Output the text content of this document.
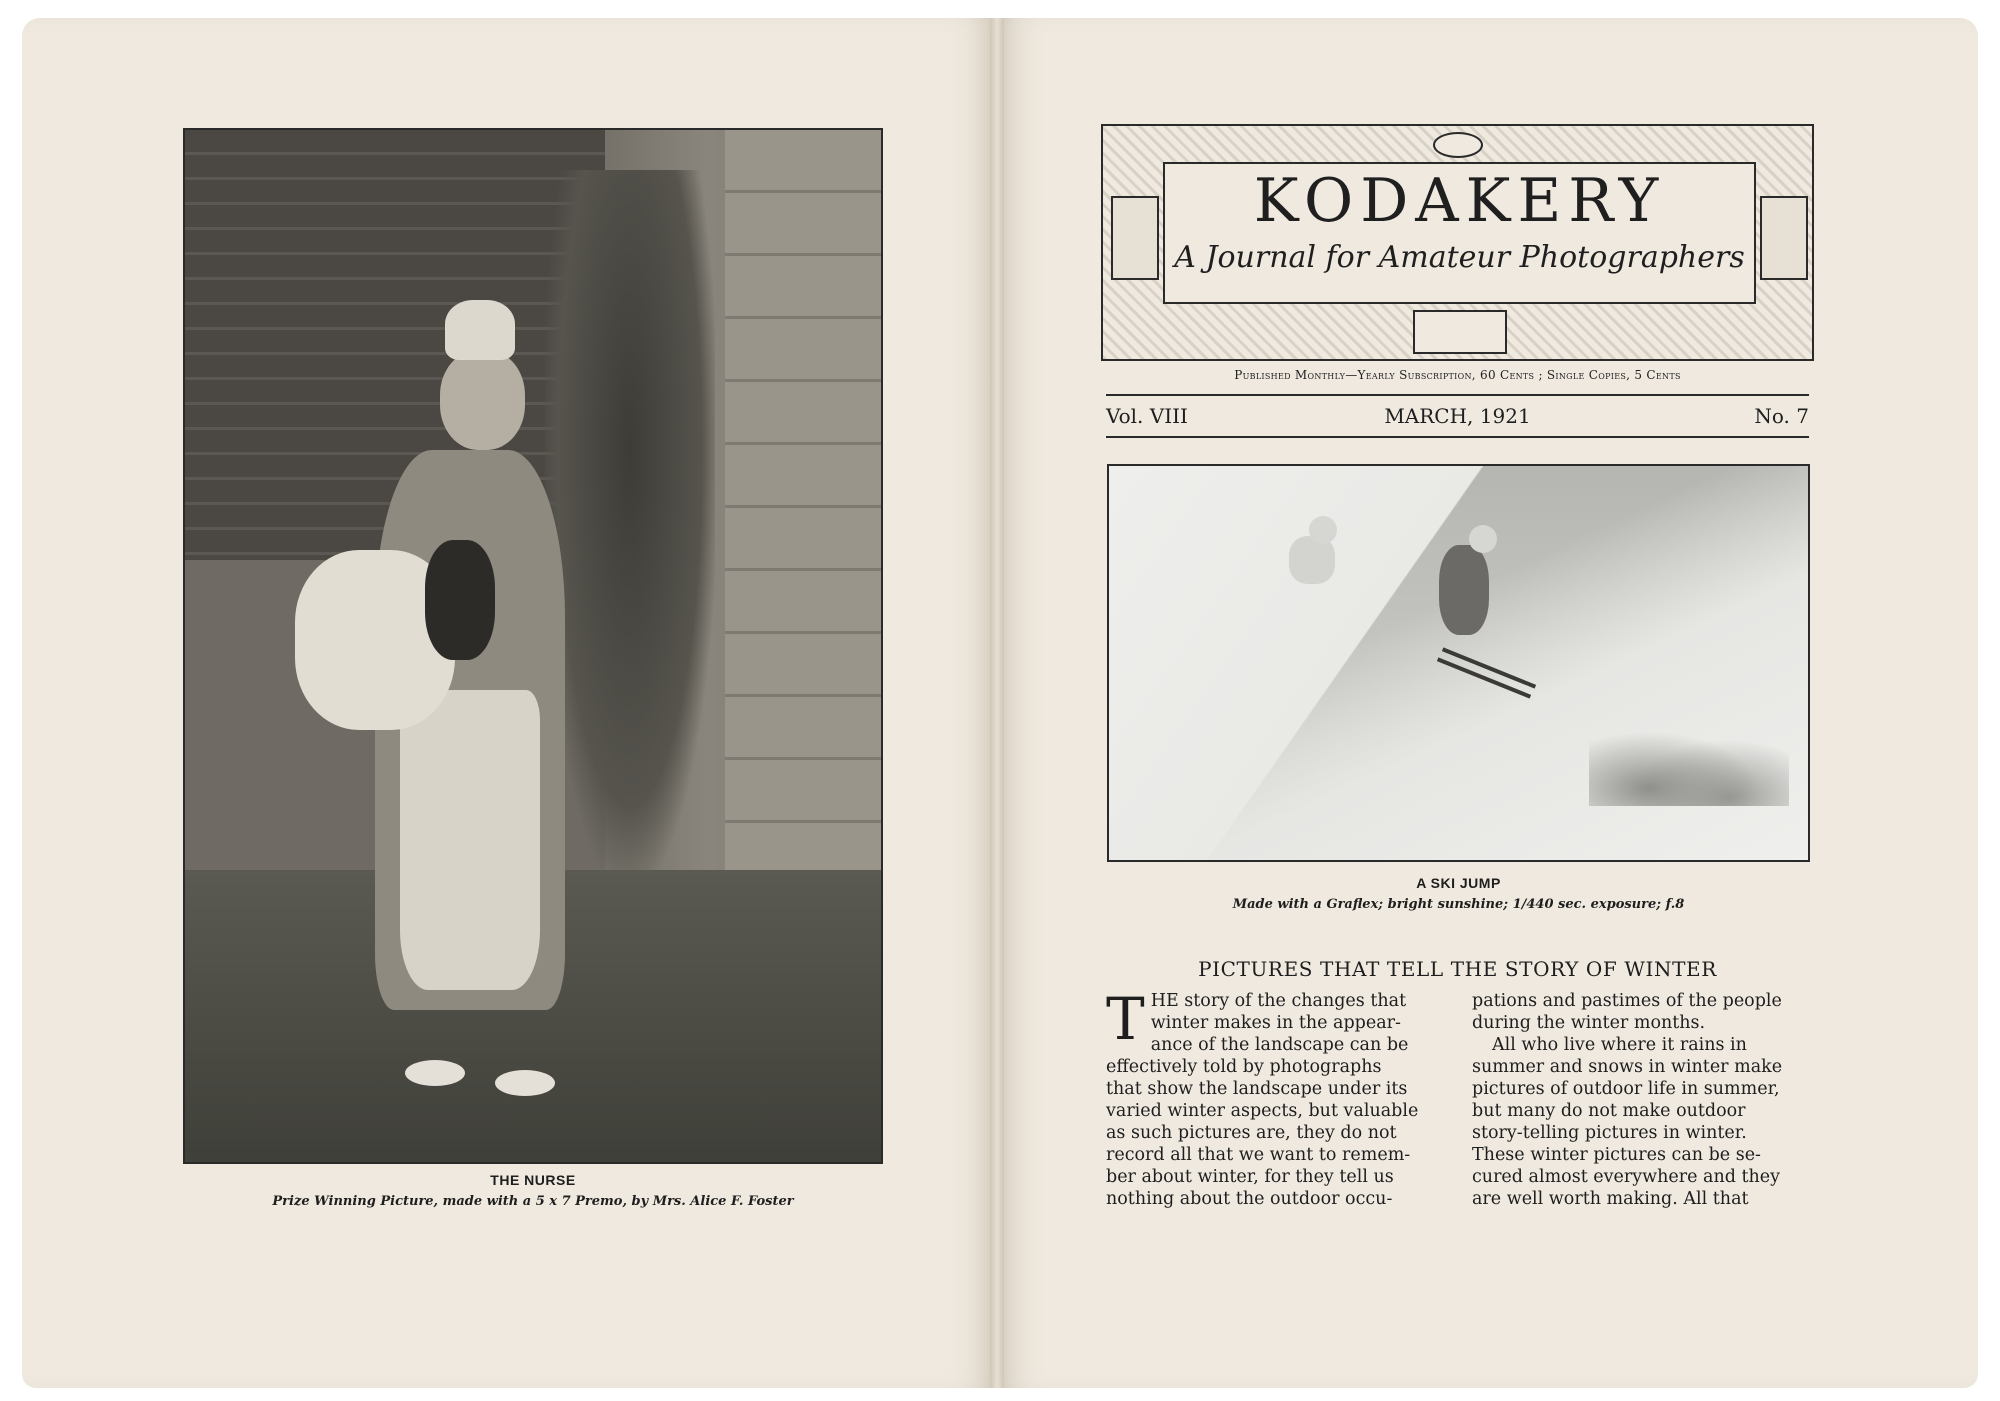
THE NURSE
Prize Winning Picture, made with a 5 x 7 Premo, by Mrs. Alice F. Foster
KODAKERY
A Journal for Amateur Photographers
Published Monthly—Yearly Subscription, 60 Cents ; Single Copies, 5 Cents
Vol. VIII	MARCH, 1921	No. 7
A SKI JUMP
Made with a Graflex; bright sunshine; 1/440 sec. exposure; f.8
PICTURES THAT TELL THE STORY OF WINTER
T HE story of the changes that

winter makes in the appear-

ance of the landscape can be

effectively told by photographs

that show the landscape under its

varied winter aspects, but valuable

as such pictures are, they do not

record all that we want to remem-

ber about winter, for they tell us

nothing about the outdoor occu-

pations and pastimes of the people

during the winter months.

All who live where it rains in

summer and snows in winter make

pictures of outdoor life in summer,

but many do not make outdoor

story-telling pictures in winter.

These winter pictures can be se-

cured almost everywhere and they

are well worth making. All that
